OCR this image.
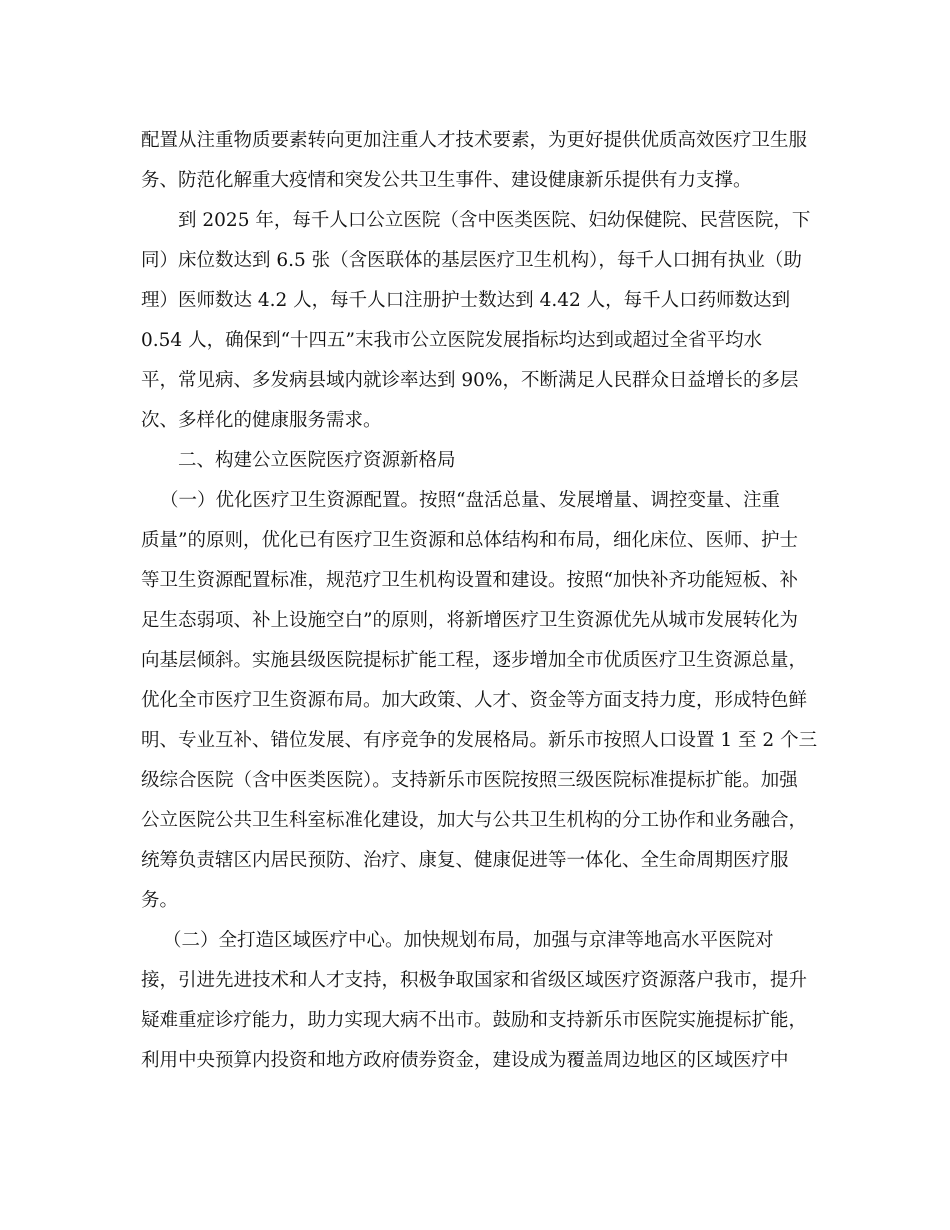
配置从注重物质要素转向更加注重人才技术要素，为更好提供优质高效医疗卫生服
务、防范化解重大疫情和突发公共卫生事件、建设健康新乐提供有力支撑。
到 2025 年，每千人口公立医院（含中医类医院、妇幼保健院、民营医院，下
同）床位数达到 6.5 张（含医联体的基层医疗卫生机构），每千人口拥有执业（助
理）医师数达 4.2 人，每千人口注册护士数达到 4.42 人，每千人口药师数达到
0.54 人，确保到“十四五”末我市公立医院发展指标均达到或超过全省平均水
平，常见病、多发病县域内就诊率达到 90%，不断满足人民群众日益增长的多层
次、多样化的健康服务需求。
二、构建公立医院医疗资源新格局
（一）优化医疗卫生资源配置。按照“盘活总量、发展增量、调控变量、注重
质量”的原则，优化已有医疗卫生资源和总体结构和布局，细化床位、医师、护士
等卫生资源配置标准，规范疗卫生机构设置和建设。按照“加快补齐功能短板、补
足生态弱项、补上设施空白”的原则，将新增医疗卫生资源优先从城市发展转化为
向基层倾斜。实施县级医院提标扩能工程，逐步增加全市优质医疗卫生资源总量，
优化全市医疗卫生资源布局。加大政策、人才、资金等方面支持力度，形成特色鲜
明、专业互补、错位发展、有序竞争的发展格局。新乐市按照人口设置 1 至 2 个三
级综合医院（含中医类医院）。支持新乐市医院按照三级医院标准提标扩能。加强
公立医院公共卫生科室标准化建设，加大与公共卫生机构的分工协作和业务融合，
统筹负责辖区内居民预防、治疗、康复、健康促进等一体化、全生命周期医疗服
务。
（二）全打造区域医疗中心。加快规划布局，加强与京津等地高水平医院对
接，引进先进技术和人才支持，积极争取国家和省级区域医疗资源落户我市，提升
疑难重症诊疗能力，助力实现大病不出市。鼓励和支持新乐市医院实施提标扩能，
利用中央预算内投资和地方政府债券资金，建设成为覆盖周边地区的区域医疗中
